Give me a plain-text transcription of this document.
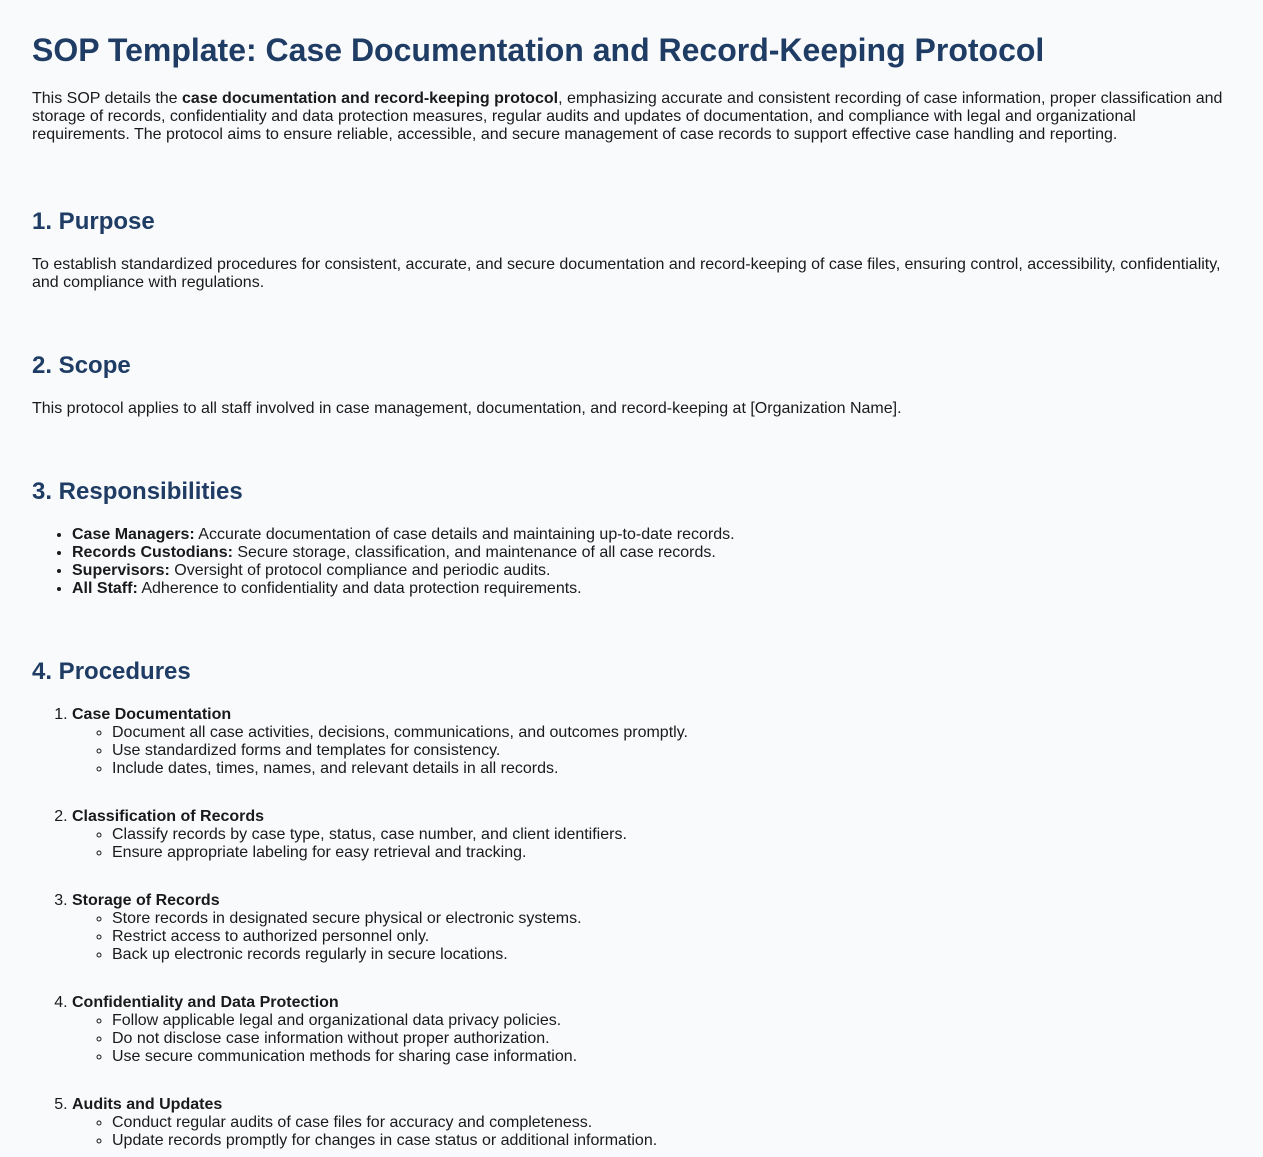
SOP Template: Case Documentation and Record-Keeping Protocol

This SOP details the case documentation and record-keeping protocol, emphasizing accurate and consistent recording of case information, proper classification and storage of records, confidentiality and data protection measures, regular audits and updates of documentation, and compliance with legal and organizational requirements. The protocol aims to ensure reliable, accessible, and secure management of case records to support effective case handling and reporting.

1. Purpose

To establish standardized procedures for consistent, accurate, and secure documentation and record-keeping of case files, ensuring control, accessibility, confidentiality, and compliance with regulations.

2. Scope

This protocol applies to all staff involved in case management, documentation, and record-keeping at [Organization Name].

3. Responsibilities
• Case Managers: Accurate documentation of case details and maintaining up-to-date records.
• Records Custodians: Secure storage, classification, and maintenance of all case records.
• Supervisors: Oversight of protocol compliance and periodic audits.
• All Staff: Adherence to confidentiality and data protection requirements.
4. Procedures
1. Case Documentation
◦ Document all case activities, decisions, communications, and outcomes promptly.
◦ Use standardized forms and templates for consistency.
◦ Include dates, times, names, and relevant details in all records.
2. Classification of Records
◦ Classify records by case type, status, case number, and client identifiers.
◦ Ensure appropriate labeling for easy retrieval and tracking.
3. Storage of Records
◦ Store records in designated secure physical or electronic systems.
◦ Restrict access to authorized personnel only.
◦ Back up electronic records regularly in secure locations.
4. Confidentiality and Data Protection
◦ Follow applicable legal and organizational data privacy policies.
◦ Do not disclose case information without proper authorization.
◦ Use secure communication methods for sharing case information.
5. Audits and Updates
◦ Conduct regular audits of case files for accuracy and completeness.
◦ Update records promptly for changes in case status or additional information.
